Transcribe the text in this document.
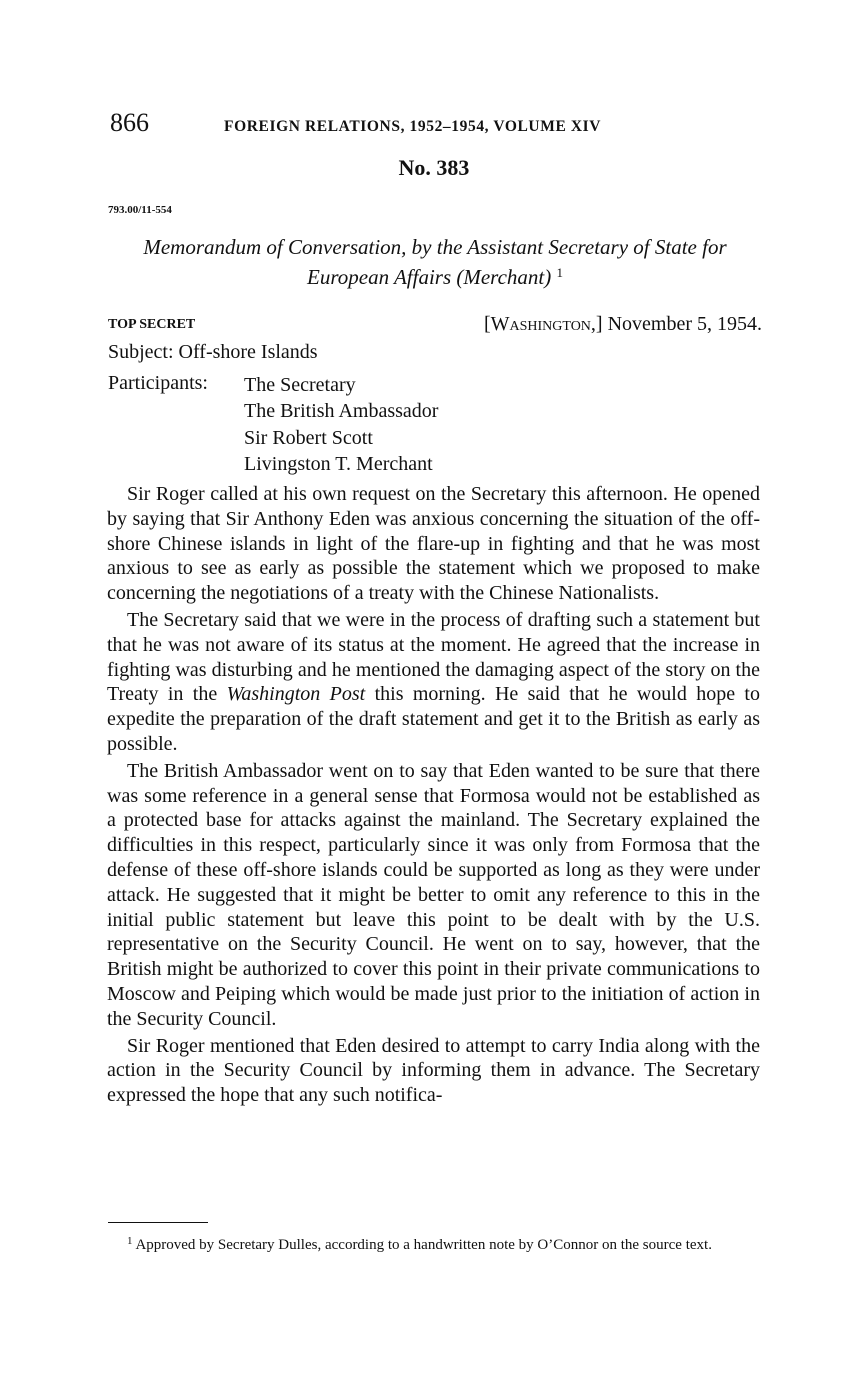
866	FOREIGN RELATIONS, 1952–1954, VOLUME XIV
No. 383
793.00/11-554
Memorandum of Conversation, by the Assistant Secretary of State for European Affairs (Merchant) $^1$
TOP SECRET	[Washington,] November 5, 1954.
Subject: Off-shore Islands
Participants: The Secretary
The British Ambassador
Sir Robert Scott
Livingston T. Merchant

Sir Roger called at his own request on the Secretary this afternoon. He opened by saying that Sir Anthony Eden was anxious concerning the situation of the off-shore Chinese islands in light of the flare-up in fighting and that he was most anxious to see as early as possible the statement which we proposed to make concerning the negotiations of a treaty with the Chinese Nationalists.

The Secretary said that we were in the process of drafting such a statement but that he was not aware of its status at the moment. He agreed that the increase in fighting was disturbing and he mentioned the damaging aspect of the story on the Treaty in the Washington Post this morning. He said that he would hope to expedite the preparation of the draft statement and get it to the British as early as possible.

The British Ambassador went on to say that Eden wanted to be sure that there was some reference in a general sense that Formosa would not be established as a protected base for attacks against the mainland. The Secretary explained the difficulties in this respect, particularly since it was only from Formosa that the defense of these off-shore islands could be supported as long as they were under attack. He suggested that it might be better to omit any reference to this in the initial public statement but leave this point to be dealt with by the U.S. representative on the Security Council. He went on to say, however, that the British might be authorized to cover this point in their private communications to Moscow and Peiping which would be made just prior to the initiation of action in the Security Council.

Sir Roger mentioned that Eden desired to attempt to carry India along with the action in the Security Council by informing them in advance. The Secretary expressed the hope that any such notifica-

$^1$ Approved by Secretary Dulles, according to a handwritten note by O’Connor on the source text.
